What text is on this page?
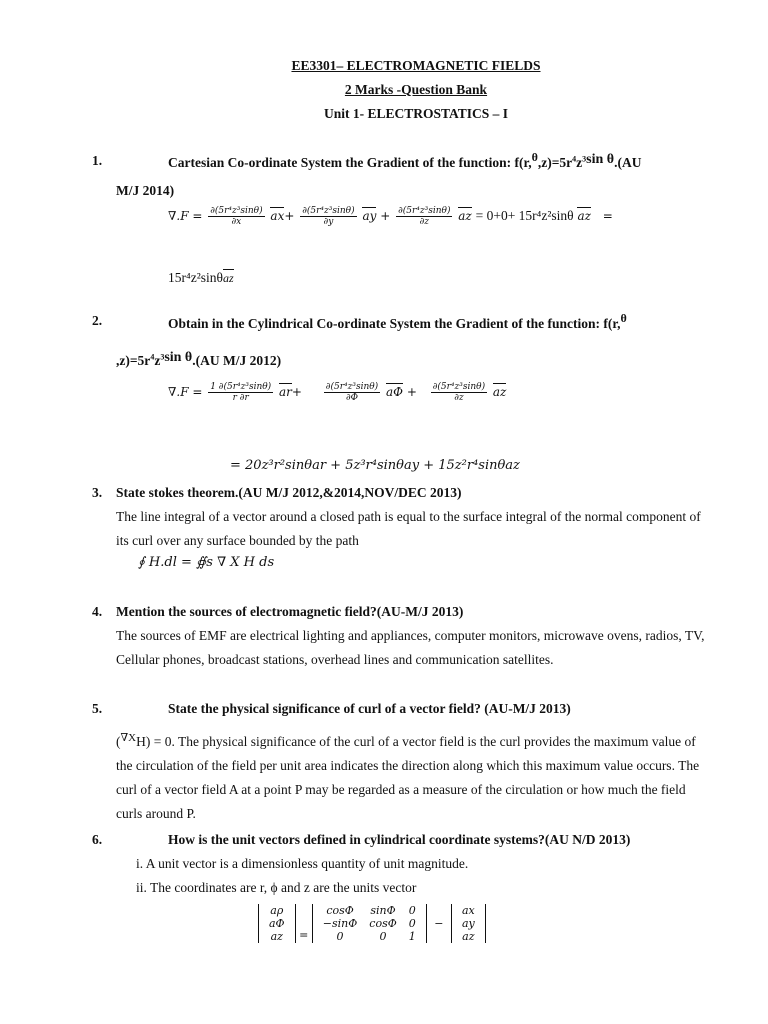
EE3301– ELECTROMAGNETIC FIELDS
2 Marks -Question Bank
Unit 1- ELECTROSTATICS – I
1.	Cartesian Co-ordinate System the Gradient of the function: $f(r,^\theta,z)=5r^4z^3\sin$ θ.(AU
M/J 2014)
$\nabla.F = \frac{\text{∂(5r⁴z³sinθ)}}{\partial x} ax+ \frac{\text{∂(5r⁴z³sinθ)}}{\partial y}$ ay + $\frac{\text{∂(5r⁴z³sinθ)}}{\partial z}$ az = 0+0+ 15r⁴z²sinθ az =
15r⁴z²sinθaz
2.	Obtain in the Cylindrical Co-ordinate System the Gradient of the function: f(r,$^\theta$
$,z)=5r^4z^3\sin$ θ.(AU M/J 2012)
$\nabla.F = \frac{\text{1 ∂(5r⁴z³sinθ)}}{r \partial r} ar+ \frac{\text{∂(5r⁴z³sinθ)}}{\partial\Phi}$ $a\Phi + \frac{\text{∂(5r⁴z³sinθ)}}{\partial z}$ az
= 20z³r²sinθar + 5z³r⁴sinθay + 15z²r⁴sinθaz
3. State stokes theorem.(AU M/J 2012,&2014,NOV/DEC 2013)
The line integral of a vector around a closed path is equal to the surface integral of the normal component of its curl over any surface bounded by the path
∮ H.dl = ∯s ∇ X H ds
4. Mention the sources of electromagnetic field?(AU-M/J 2013)
The sources of EMF are electrical lighting and appliances, computer monitors, microwave ovens, radios, TV, Cellular phones, broadcast stations, overhead lines and communication satellites.
5.	State the physical significance of curl of a vector field? (AU-M/J 2013)
($^{\nabla X}$H) = 0. The physical significance of the curl of a vector field is the curl provides the maximum value of the circulation of the field per unit area indicates the direction along which this maximum value occurs. The curl of a vector field A at a point P may be regarded as a measure of the circulation or how much the field curls around P.
6.	How is the unit vectors defined in cylindrical coordinate systems?(AU N/D 2013)
i. A unit vector is a dimensionless quantity of unit magnitude.
ii. The coordinates are r, ϕ and z are the units vector
aρ
aΦ
az =
cosΦ	sinΦ	0
−sinΦ	cosΦ	0
0	0	1
−
ax
ay
az
